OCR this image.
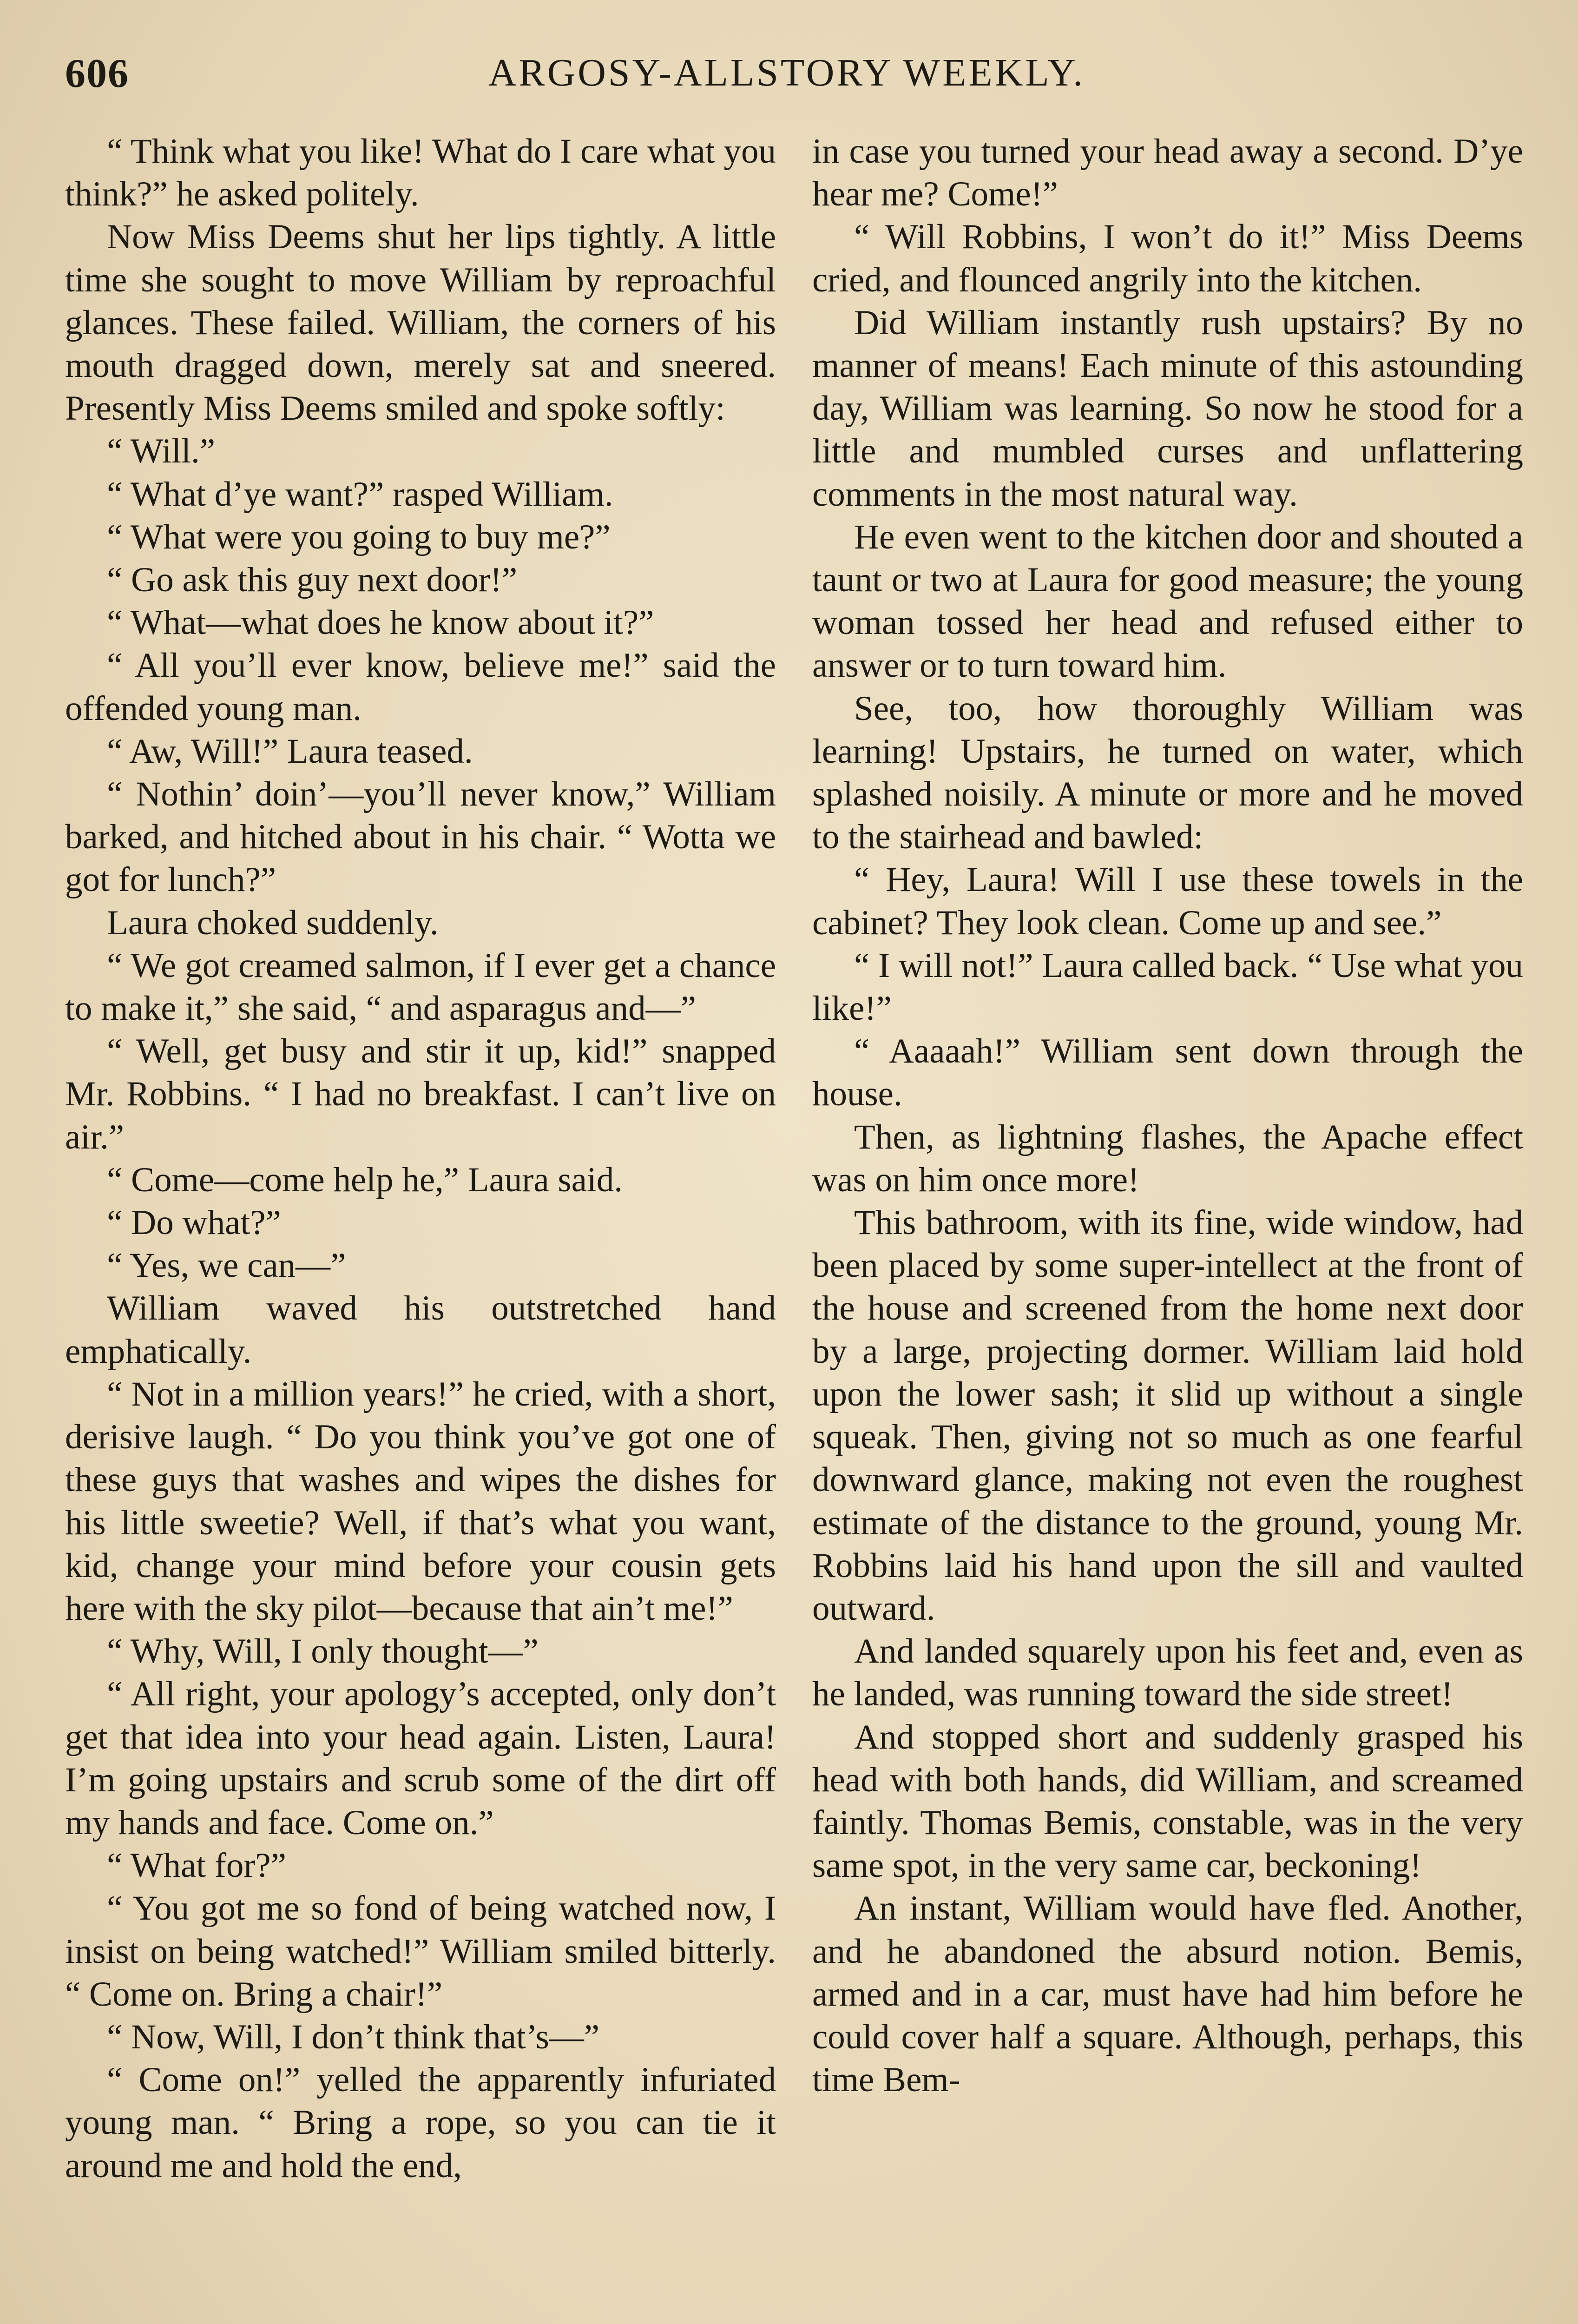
606	ARGOSY-ALLSTORY WEEKLY.

“ Think what you like! What do I care what you think?” he asked politely.

Now Miss Deems shut her lips tightly. A little time she sought to move William by reproachful glances. These failed. William, the corners of his mouth dragged down, merely sat and sneered. Presently Miss Deems smiled and spoke softly:

“ Will.”

“ What d’ye want?” rasped William.

“ What were you going to buy me?”

“ Go ask this guy next door!”

“ What—what does he know about it?”

“ All you’ll ever know, believe me!” said the offended young man.

“ Aw, Will!” Laura teased.

“ Nothin’ doin’—you’ll never know,” William barked, and hitched about in his chair. “ Wotta we got for lunch?”

Laura choked suddenly.

“ We got creamed salmon, if I ever get a chance to make it,” she said, “ and asparagus and—”

“ Well, get busy and stir it up, kid!” snapped Mr. Robbins. “ I had no breakfast. I can’t live on air.”

“ Come—come help he,” Laura said.

“ Do what?”

“ Yes, we can—”

William waved his outstretched hand emphatically.

“ Not in a million years!” he cried, with a short, derisive laugh. “ Do you think you’ve got one of these guys that washes and wipes the dishes for his little sweetie? Well, if that’s what you want, kid, change your mind before your cousin gets here with the sky pilot—because that ain’t me!”

“ Why, Will, I only thought—”

“ All right, your apology’s accepted, only don’t get that idea into your head again. Listen, Laura! I’m going upstairs and scrub some of the dirt off my hands and face. Come on.”

“ What for?”

“ You got me so fond of being watched now, I insist on being watched!” William smiled bitterly. “ Come on. Bring a chair!”

“ Now, Will, I don’t think that’s—”

“ Come on!” yelled the apparently infuriated young man. “ Bring a rope, so you can tie it around me and hold the end,

in case you turned your head away a second. D’ye hear me? Come!”

“ Will Robbins, I won’t do it!” Miss Deems cried, and flounced angrily into the kitchen.

Did William instantly rush upstairs? By no manner of means! Each minute of this astounding day, William was learning. So now he stood for a little and mumbled curses and unflattering comments in the most natural way.

He even went to the kitchen door and shouted a taunt or two at Laura for good measure; the young woman tossed her head and refused either to answer or to turn toward him.

See, too, how thoroughly William was learning! Upstairs, he turned on water, which splashed noisily. A minute or more and he moved to the stairhead and bawled:

“ Hey, Laura! Will I use these towels in the cabinet? They look clean. Come up and see.”

“ I will not!” Laura called back. “ Use what you like!”

“ Aaaaah!” William sent down through the house.

Then, as lightning flashes, the Apache effect was on him once more!

This bathroom, with its fine, wide window, had been placed by some super-intellect at the front of the house and screened from the home next door by a large, projecting dormer. William laid hold upon the lower sash; it slid up without a single squeak. Then, giving not so much as one fearful downward glance, making not even the roughest estimate of the distance to the ground, young Mr. Robbins laid his hand upon the sill and vaulted outward.

And landed squarely upon his feet and, even as he landed, was running toward the side street!

And stopped short and suddenly grasped his head with both hands, did William, and screamed faintly. Thomas Bemis, constable, was in the very same spot, in the very same car, beckoning!

An instant, William would have fled. Another, and he abandoned the absurd notion. Bemis, armed and in a car, must have had him before he could cover half a square. Although, perhaps, this time Bem-
